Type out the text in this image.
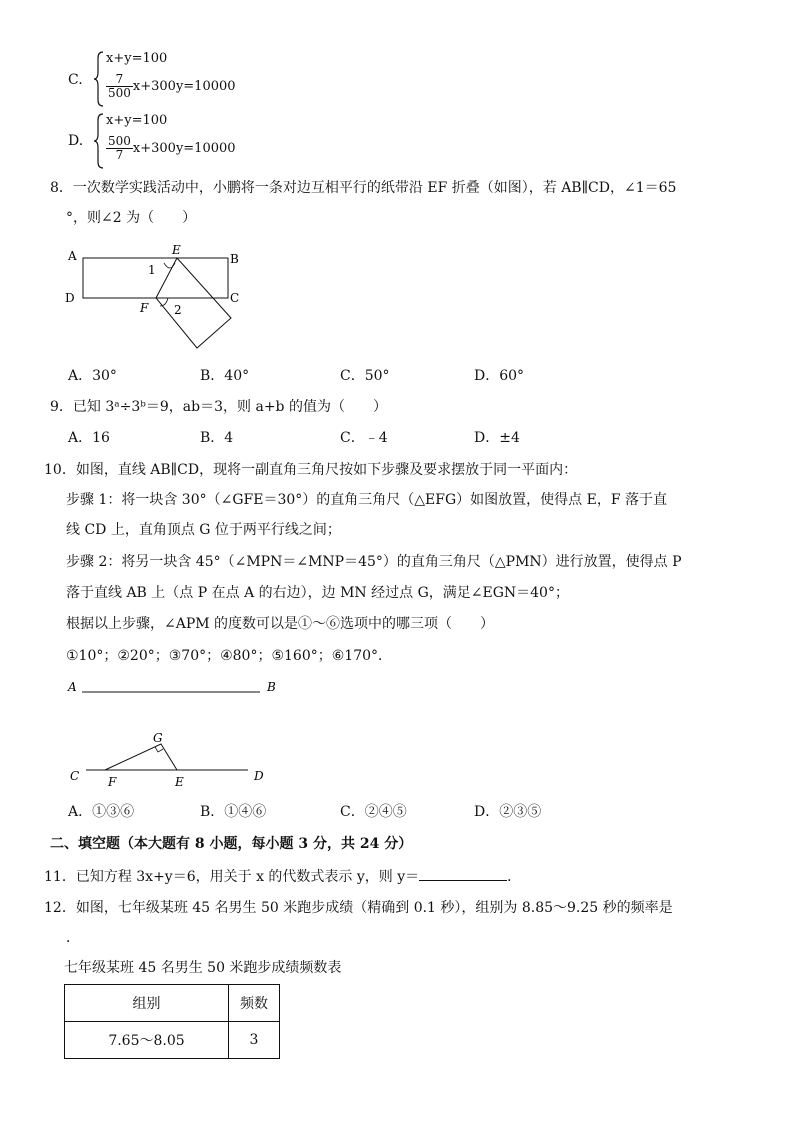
C.
x+y=100
$\frac{7}{500} x+300y=10000$
D.
x+y=100
$\frac{500}{7} x+300y=10000$
8．一次数学实践活动中，小鹏将一条对边互相平行的纸带沿 EF 折叠（如图），若 AB∥CD，∠1＝65
°，则∠2 为（　　）
A	B
C
D
E
F
1
2
A．30°	B．40°	C．50°	D．60°
9．已知 3ᵃ÷3ᵇ＝9，ab＝3，则 a+b 的值为（　　）
A．16	B．4	C．﹣4	D．±4
10．如图，直线 AB∥CD，现将一副直角三角尺按如下步骤及要求摆放于同一平面内：
步骤 1：将一块含 30°（∠GFE＝30°）的直角三角尺（△EFG）如图放置，使得点 E，F 落于直
线 CD 上，直角顶点 G 位于两平行线之间；
步骤 2：将另一块含 45°（∠MPN＝∠MNP＝45°）的直角三角尺（△PMN）进行放置，使得点 P
落于直线 AB 上（点 P 在点 A 的右边），边 MN 经过点 G，满足∠EGN＝40°；
根据以上步骤，∠APM 的度数可以是①～⑥选项中的哪三项（　　）
①10°；②20°；③70°；④80°；⑤160°；⑥170°．
A	B
C	D
G
F	E
A．①③⑥	B．①④⑥	C．②④⑤	D．②③⑤
二、填空题（本大题有 8 小题，每小题 3 分，共 24 分）
11．已知方程 3x+y＝6，用关于 x 的代数式表示 y，则 y＝	．
12．如图，七年级某班 45 名男生 50 米跑步成绩（精确到 0.1 秒），组别为 8.85～9.25 秒的频率是
．
七年级某班 45 名男生 50 米跑步成绩频数表
组别	频数
7.65～8.05	3
